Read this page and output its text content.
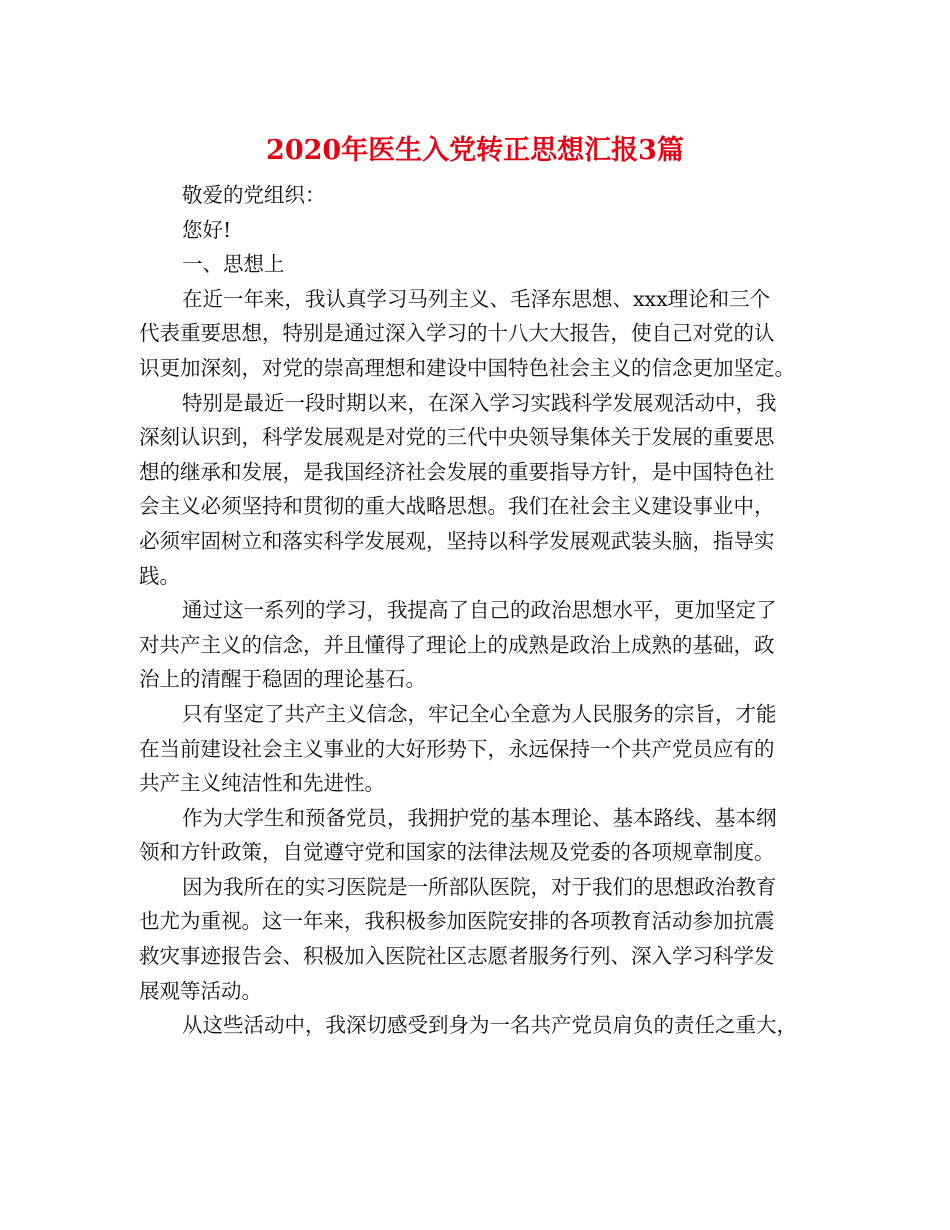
2020年医生入党转正思想汇报3篇
敬爱的党组织：
您好!
一、思想上
在近一年来，我认真学习马列主义、毛泽东思想、xxx理论和三个
代表重要思想，特别是通过深入学习的十八大大报告，使自己对党的认
识更加深刻，对党的崇高理想和建设中国特色社会主义的信念更加坚定。
特别是最近一段时期以来，在深入学习实践科学发展观活动中，我
深刻认识到，科学发展观是对党的三代中央领导集体关于发展的重要思
想的继承和发展，是我国经济社会发展的重要指导方针，是中国特色社
会主义必须坚持和贯彻的重大战略思想。我们在社会主义建设事业中，
必须牢固树立和落实科学发展观，坚持以科学发展观武装头脑，指导实
践。
通过这一系列的学习，我提高了自己的政治思想水平，更加坚定了
对共产主义的信念，并且懂得了理论上的成熟是政治上成熟的基础，政
治上的清醒于稳固的理论基石。
只有坚定了共产主义信念，牢记全心全意为人民服务的宗旨，才能
在当前建设社会主义事业的大好形势下，永远保持一个共产党员应有的
共产主义纯洁性和先进性。
作为大学生和预备党员，我拥护党的基本理论、基本路线、基本纲
领和方针政策，自觉遵守党和国家的法律法规及党委的各项规章制度。
因为我所在的实习医院是一所部队医院，对于我们的思想政治教育
也尤为重视。这一年来，我积极参加医院安排的各项教育活动参加抗震
救灾事迹报告会、积极加入医院社区志愿者服务行列、深入学习科学发
展观等活动。
从这些活动中，我深切感受到身为一名共产党员肩负的责任之重大，
